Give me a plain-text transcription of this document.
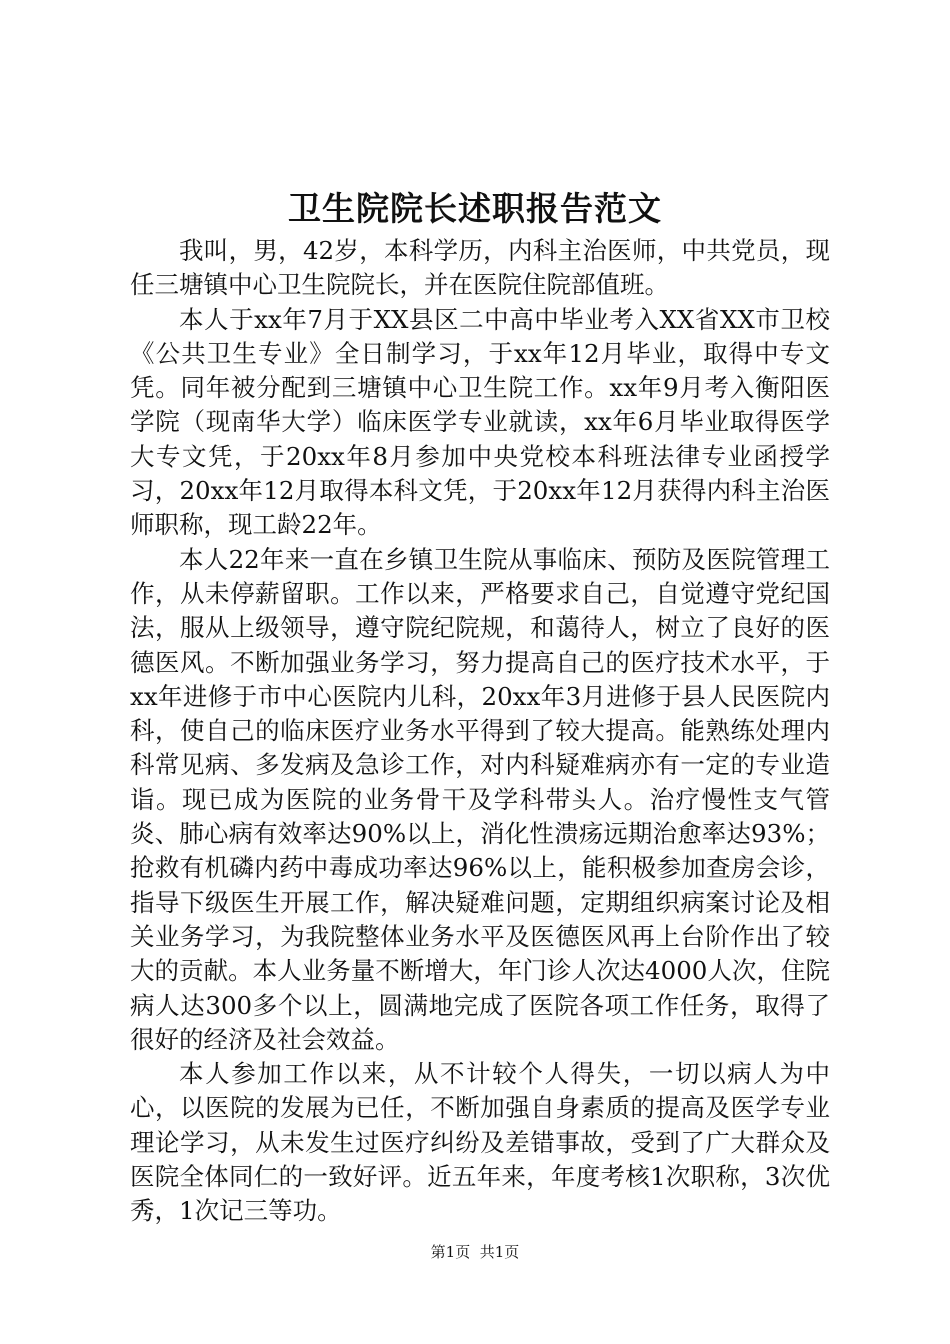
卫生院院长述职报告范文

我叫，男，42岁，本科学历，内科主治医师，中共党员，现任三塘镇中心卫生院院长，并在医院住院部值班。

本人于xx年7月于XX县区二中高中毕业考入XX省XX市卫校《公共卫生专业》全日制学习，于xx年12月毕业，取得中专文凭。同年被分配到三塘镇中心卫生院工作。xx年9月考入衡阳医学院（现南华大学）临床医学专业就读，xx年6月毕业取得医学大专文凭，于20xx年8月参加中央党校本科班法律专业函授学习，20xx年12月取得本科文凭，于20xx年12月获得内科主治医师职称，现工龄22年。

本人22年来一直在乡镇卫生院从事临床、预防及医院管理工作，从未停薪留职。工作以来，严格要求自己，自觉遵守党纪国法，服从上级领导，遵守院纪院规，和蔼待人，树立了良好的医德医风。不断加强业务学习，努力提高自己的医疗技术水平，于xx年进修于市中心医院内儿科，20xx年3月进修于县人民医院内科，使自己的临床医疗业务水平得到了较大提高。能熟练处理内科常见病、多发病及急诊工作，对内科疑难病亦有一定的专业造诣。现已成为医院的业务骨干及学科带头人。治疗慢性支气管炎、肺心病有效率达90%以上，消化性溃疡远期治愈率达93%；抢救有机磷内药中毒成功率达96%以上，能积极参加查房会诊，指导下级医生开展工作，解决疑难问题，定期组织病案讨论及相关业务学习，为我院整体业务水平及医德医风再上台阶作出了较大的贡献。本人业务量不断增大，年门诊人次达4000人次，住院病人达300多个以上，圆满地完成了医院各项工作任务，取得了很好的经济及社会效益。

本人参加工作以来，从不计较个人得失，一切以病人为中心，以医院的发展为已任，不断加强自身素质的提高及医学专业理论学习，从未发生过医疗纠纷及差错事故，受到了广大群众及医院全体同仁的一致好评。近五年来，年度考核1次职称，3次优秀，1次记三等功。

第1页 共1页
